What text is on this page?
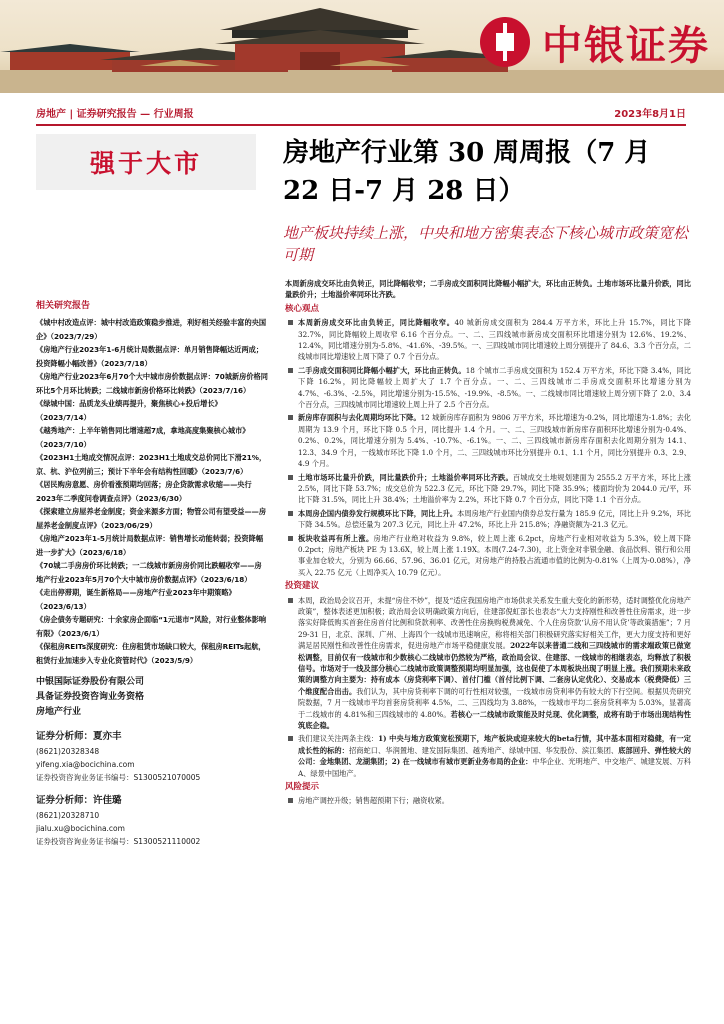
中银证券
房地产 | 证券研究报告 — 行业周报	2023年8月1日
强于大市	房地产行业第 30 周周报（7 月 22 日-7 月 28 日）
地产板块持续上涨，中央和地方密集表态下核心城市政策宽松可期
相关研究报告
《城中村改造点评：城中村改造政策稳步推进，利好相关经验丰富的央国企》（2023/7/29）
《房地产行业2023年1-6月统计局数据点评：单月销售降幅达近两成；投资降幅小幅改善》（2023/7/18）
《房地产行业2023年6月70个大中城市房价数据点评：70城新房价格同环比5个月环比转跌；二线城市新房价格环比转跌》（2023/7/16）
《绿城中国：品质龙头业绩再提升，聚焦核心+投后增长》（2023/7/14）
《越秀地产：上半年销售同比增速超7成，拿地高度集聚核心城市》（2023/7/10）
《2023H1土地成交情况点评：2023H1土地成交总价同比下滑21%，京、杭、沪位列前三；预计下半年会有结构性回暖》（2023/7/6）
《居民购房意愿、房价看涨预期均回落；房企贷款需求收缩——央行2023年二季度问卷调查点评》（2023/6/30）
《探索建立房屋养老金制度；资金来源多方面；物管公司有望受益——房屋养老金制度点评》（2023/06/29）
《房地产2023年1-5月统计局数据点评：销售增长动能转弱；投资降幅进一步扩大》（2023/6/18）
《70城二手房房价环比转跌；一二线城市新房房价同比跌幅收窄——房地产行业2023年5月70个大中城市房价数据点评》（2023/6/18）
《走出停滞期，诞生新格局——房地产行业2023年中期策略》（2023/6/13）
《房企债务专题研究：十余家房企面临“1元退市”风险，对行业整体影响有限》（2023/6/1）
《保租房REITs深度研究：住房租赁市场缺口较大，保租房REITs起航，租赁行业加速步入专业化资管时代》（2023/5/9）
中银国际证券股份有限公司
具备证券投资咨询业务资格
房地产行业
证券分析师：夏亦丰
(8621)20328348
yifeng.xia@bocichina.com
证券投资咨询业务证书编号：S1300521070005
证券分析师：许佳璐
(8621)20328710
jialu.xu@bocichina.com
证券投资咨询业务证书编号：S1300521110002

本周新房成交环比由负转正，同比降幅收窄；二手房成交面积同比降幅小幅扩大，环比由正转负。土地市场环比量升价跌，同比量跌价升；土地溢价率同环比齐跌。

核心观点
本周新房成交环比由负转正，同比降幅收窄。40 城新房成交面积为 284.4 万平方米，环比上升 15.7%，同比下降 32.7%，同比降幅较上周收窄 6.16 个百分点。一、二、三四线城市新房成交面积环比增速分别为 12.6%、19.2%、12.4%，同比增速分别为-5.8%、-41.6%、-39.5%。一、三四线城市同比增速较上周分别提升了 84.6、3.3 个百分点，二线城市同比增速较上周下降了 0.7 个百分点。
二手房成交面积同比降幅小幅扩大，环比由正转负。18 个城市二手房成交面积为 152.4 万平方米，环比下降 3.4%，同比下降 16.2%，同比降幅较上周扩大了 1.7 个百分点。一、二、三四线城市二手房成交面积环比增速分别为 4.7%、-6.3%、-2.5%，同比增速分别为-15.5%、-19.9%、-8.5%。一、二线城市同比增速较上周分别下降了 2.0、3.4 个百分点，三四线城市同比增速较上周上升了 2.5 个百分点。
新房库存面积与去化周期均环比下降。12 城新房库存面积为 9806 万平方米，环比增速为-0.2%，同比增速为-1.8%；去化周期为 13.9 个月，环比下降 0.5 个月，同比提升 1.4 个月。一、二、三四线城市新房库存面积环比增速分别为-0.4%、0.2%、0.2%，同比增速分别为 5.4%、-10.7%、-6.1%。一、二、三四线城市新房库存面积去化周期分别为 14.1、12.3、34.9 个月，一线城市环比下降 1.0 个月，二、三四线城市环比分别提升 0.1、1.1 个月，同比分别提升 0.3、2.9、4.9 个月。
土地市场环比量升价跌，同比量跌价升；土地溢价率同环比齐跌。百城成交土地规划建面为 2555.2 万平方米，环比上涨 2.5%，同比下降 53.7%；成交总价为 522.3 亿元，环比下降 29.7%，同比下降 35.9%；楼面均价为 2044.0 元/平，环比下降 31.5%，同比上升 38.4%；土地溢价率为 2.2%，环比下降 0.7 个百分点，同比下降 1.1 个百分点。
本周房企国内债券发行规模环比下降，同比上升。本周房地产行业国内债券总发行量为 185.9 亿元，同比上升 9.2%，环比下降 34.5%。总偿还量为 207.3 亿元，同比上升 47.2%，环比上升 215.8%；净融资额为-21.3 亿元。
板块收益再有所上涨。房地产行业绝对收益为 9.8%，较上周上涨 6.2pct，房地产行业相对收益为 5.3%，较上周下降 0.2pct；房地产板块 PE 为 13.6X，较上周上涨 1.19X。本周(7.24-7.30)，北上资金对非银金融、食品饮料、银行和公用事业加仓较大，分别为 66.66、57.96、36.01 亿元，对房地产的持股占流通市值的比例为-0.81%（上周为-0.08%），净买入 22.75 亿元（上周净买入 10.79 亿元）。
投资建议
本周，政治局会议召开，未提“房住不炒”，提及“适应我国房地产市场供求关系发生重大变化的新形势，适时调整优化房地产政策”，整体表述更加积极；政治局会议明确政策方向后，住建部倪虹部长也表态“大力支持刚性和改善性住房需求，进一步落实好降低购买首套住房首付比例和贷款利率、改善性住房换购税费减免、个人住房贷款‘认房不用认贷’等政策措施”；7 月 29-31 日，北京、深圳、广州、上海四个一线城市迅速响应，称将相关部门积极研究落实好相关工作，更大力度支持和更好满足居民刚性和改善性住房需求，促进房地产市场平稳健康发展。2022年以来普通二线和三四线城市的需求端政策已做宽松调整，目前仅有一线城市和少数核心二线城市仍然较为严格，政治局会议、住建部、一线城市的相继表态，均释放了积极信号。市场对于一线及部分核心二线城市政策调整预期均明显加强，这也促使了本周板块出现了明显上涨。我们预期未来政策的调整方向主要为：持有成本（房贷利率下调）、首付门槛（首付比例下调、二套房认定优化）、交易成本（税费降低）三个维度配合出击。我们认为，其中房贷利率下调的可行性相对较强，一线城市房贷利率仍有较大的下行空间。根据贝壳研究院数据，7 月一线城市平均首套房贷利率 4.5%，二、三四线均为 3.88%，一线城市平均二套房贷利率为 5.03%，显著高于二线城市的 4.81%和三四线城市的 4.80%。若核心一二线城市政策能及时兑现、优化调整，成将有助于市场出现结构性筑底企稳。
我们建议关注两条主线：1) 中央与地方政策宽松预期下，地产板块或迎来较大的beta行情，其中基本面相对稳健，有一定成长性的标的：招商蛇口、华润置地、建发国际集团、越秀地产、绿城中国、华发股份、滨江集团、底部回升、弹性较大的公司：金地集团、龙湖集团；2) 在一线城市有城市更新业务布局的企业：中华企业、光明地产、中交地产、城建发展、万科A、绿景中国地产。
风险提示
房地产调控升级；销售超预期下行；融资收紧。
